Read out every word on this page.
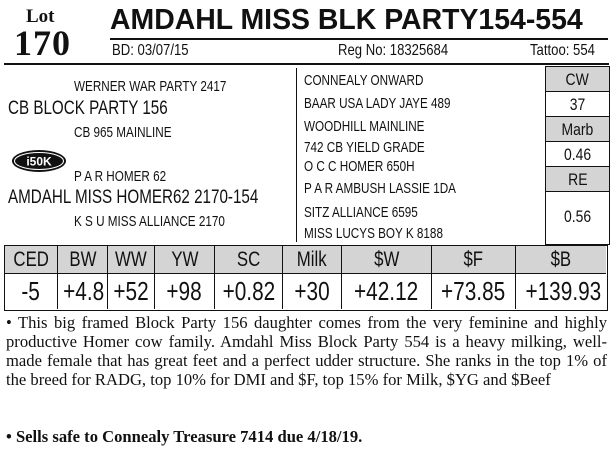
Lot
170
AMDAHL MISS BLK PARTY154-554
BD: 03/07/15	Reg No: 18325684	Tattoo: 554
WERNER WAR PARTY 2417
CB BLOCK PARTY 156
CB 965 MAINLINE
i50K
P A R HOMER 62
AMDAHL MISS HOMER62 2170-154
K S U MISS ALLIANCE 2170
CONNEALY ONWARD
BAAR USA LADY JAYE 489
WOODHILL MAINLINE
742 CB YIELD GRADE
O C C HOMER 650H
P A R AMBUSH LASSIE 1DA
SITZ ALLIANCE 6595
MISS LUCYS BOY K 8188
CW
37
Marb
0.46
RE
0.56
CED
-5
BW
+4.8
WW
+52
YW
+98
SC
+0.82
Milk
+30
$W
+42.12
$F
+73.85
$B
+139.93

• This big framed Block Party 156 daughter comes from the very feminine and highly productive Homer cow family. Amdahl Miss Block Party 554 is a heavy milking, well-made female that has great feet and a perfect udder structure. She ranks in the top 1% of the breed for RADG, top 10% for DMI and $F, top 15% for Milk, $YG and $Beef

• Sells safe to Connealy Treasure 7414 due 4/18/19.
